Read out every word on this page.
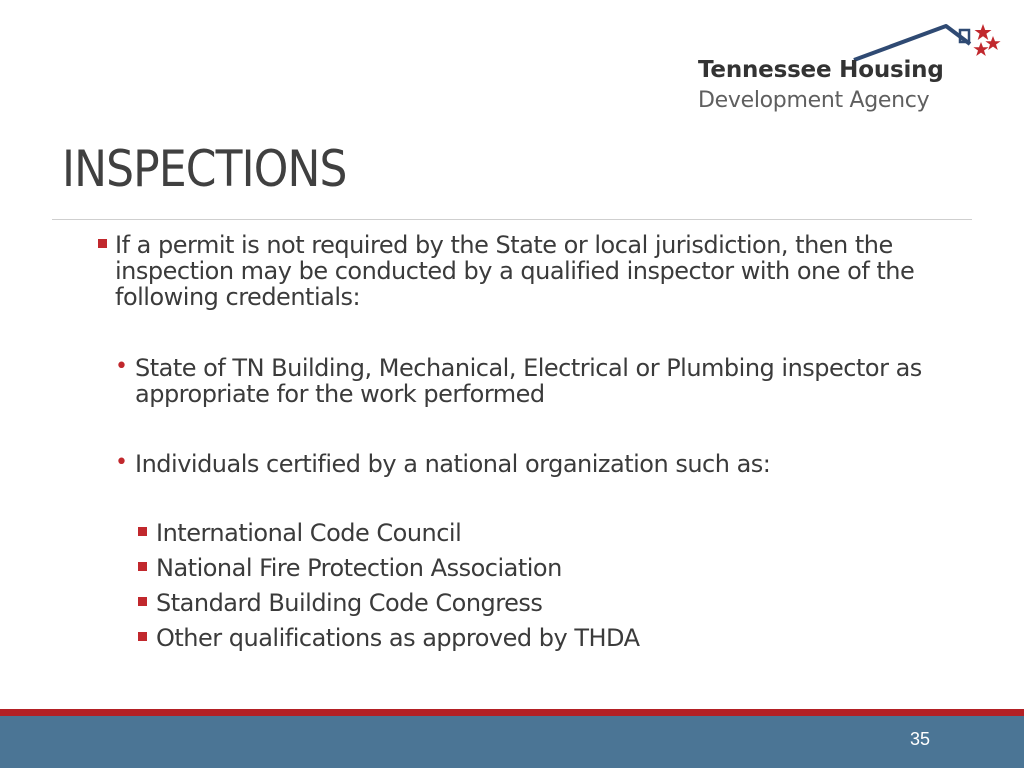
Tennessee Housing
Development Agency
INSPECTIONS
If a permit is not required by the State or local jurisdiction, then the inspection may be conducted by a qualified inspector with one of the following credentials:
• State of TN Building, Mechanical, Electrical or Plumbing inspector as appropriate for the work performed
• Individuals certified by a national organization such as:
International Code Council
National Fire Protection Association
Standard Building Code Congress
Other qualifications as approved by THDA
35
